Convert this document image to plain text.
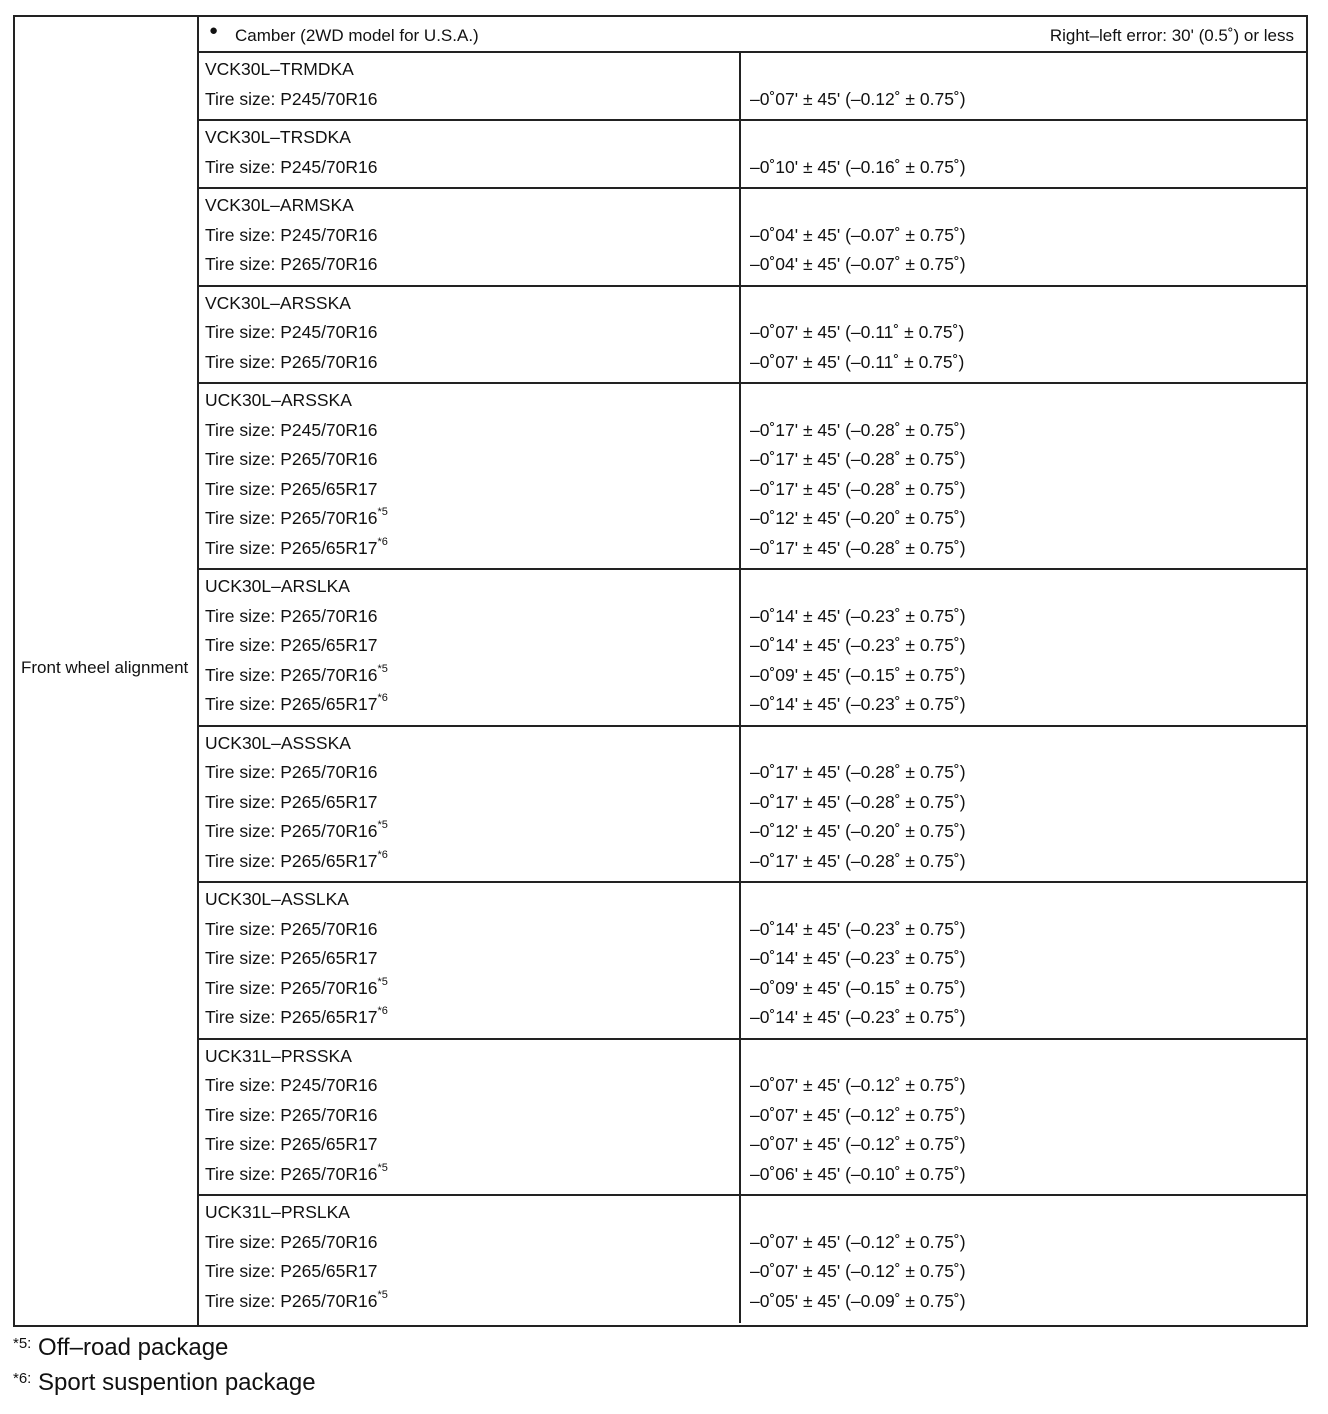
Front wheel alignment
● Camber (2WD model for U.S.A.)	Right–left error: 30' (0.5˚) or less
VCK30L–TRMDKA
Tire size: P245/70R16	–0˚07' ± 45' (–0.12˚ ± 0.75˚)
VCK30L–TRSDKA
Tire size: P245/70R16	–0˚10' ± 45' (–0.16˚ ± 0.75˚)
VCK30L–ARMSKA
Tire size: P245/70R16	–0˚04' ± 45' (–0.07˚ ± 0.75˚)
Tire size: P265/70R16	–0˚04' ± 45' (–0.07˚ ± 0.75˚)
VCK30L–ARSSKA
Tire size: P245/70R16	–0˚07' ± 45' (–0.11˚ ± 0.75˚)
Tire size: P265/70R16	–0˚07' ± 45' (–0.11˚ ± 0.75˚)
UCK30L–ARSSKA
Tire size: P245/70R16	–0˚17' ± 45' (–0.28˚ ± 0.75˚)
Tire size: P265/70R16	–0˚17' ± 45' (–0.28˚ ± 0.75˚)
Tire size: P265/65R17	–0˚17' ± 45' (–0.28˚ ± 0.75˚)
Tire size: P265/70R16$^{*5}$	–0˚12' ± 45' (–0.20˚ ± 0.75˚)
Tire size: P265/65R17$^{*6}$	–0˚17' ± 45' (–0.28˚ ± 0.75˚)
UCK30L–ARSLKA
Tire size: P265/70R16	–0˚14' ± 45' (–0.23˚ ± 0.75˚)
Tire size: P265/65R17	–0˚14' ± 45' (–0.23˚ ± 0.75˚)
Tire size: P265/70R16$^{*5}$	–0˚09' ± 45' (–0.15˚ ± 0.75˚)
Tire size: P265/65R17$^{*6}$	–0˚14' ± 45' (–0.23˚ ± 0.75˚)
UCK30L–ASSSKA
Tire size: P265/70R16	–0˚17' ± 45' (–0.28˚ ± 0.75˚)
Tire size: P265/65R17	–0˚17' ± 45' (–0.28˚ ± 0.75˚)
Tire size: P265/70R16$^{*5}$	–0˚12' ± 45' (–0.20˚ ± 0.75˚)
Tire size: P265/65R17$^{*6}$	–0˚17' ± 45' (–0.28˚ ± 0.75˚)
UCK30L–ASSLKA
Tire size: P265/70R16	–0˚14' ± 45' (–0.23˚ ± 0.75˚)
Tire size: P265/65R17	–0˚14' ± 45' (–0.23˚ ± 0.75˚)
Tire size: P265/70R16$^{*5}$	–0˚09' ± 45' (–0.15˚ ± 0.75˚)
Tire size: P265/65R17$^{*6}$	–0˚14' ± 45' (–0.23˚ ± 0.75˚)
UCK31L–PRSSKA
Tire size: P245/70R16	–0˚07' ± 45' (–0.12˚ ± 0.75˚)
Tire size: P265/70R16	–0˚07' ± 45' (–0.12˚ ± 0.75˚)
Tire size: P265/65R17	–0˚07' ± 45' (–0.12˚ ± 0.75˚)
Tire size: P265/70R16$^{*5}$	–0˚06' ± 45' (–0.10˚ ± 0.75˚)
UCK31L–PRSLKA
Tire size: P265/70R16	–0˚07' ± 45' (–0.12˚ ± 0.75˚)
Tire size: P265/65R17	–0˚07' ± 45' (–0.12˚ ± 0.75˚)
Tire size: P265/70R16$^{*5}$	–0˚05' ± 45' (–0.09˚ ± 0.75˚)
$^{*5:}$ Off–road package
$^{*6:}$ Sport suspention package
